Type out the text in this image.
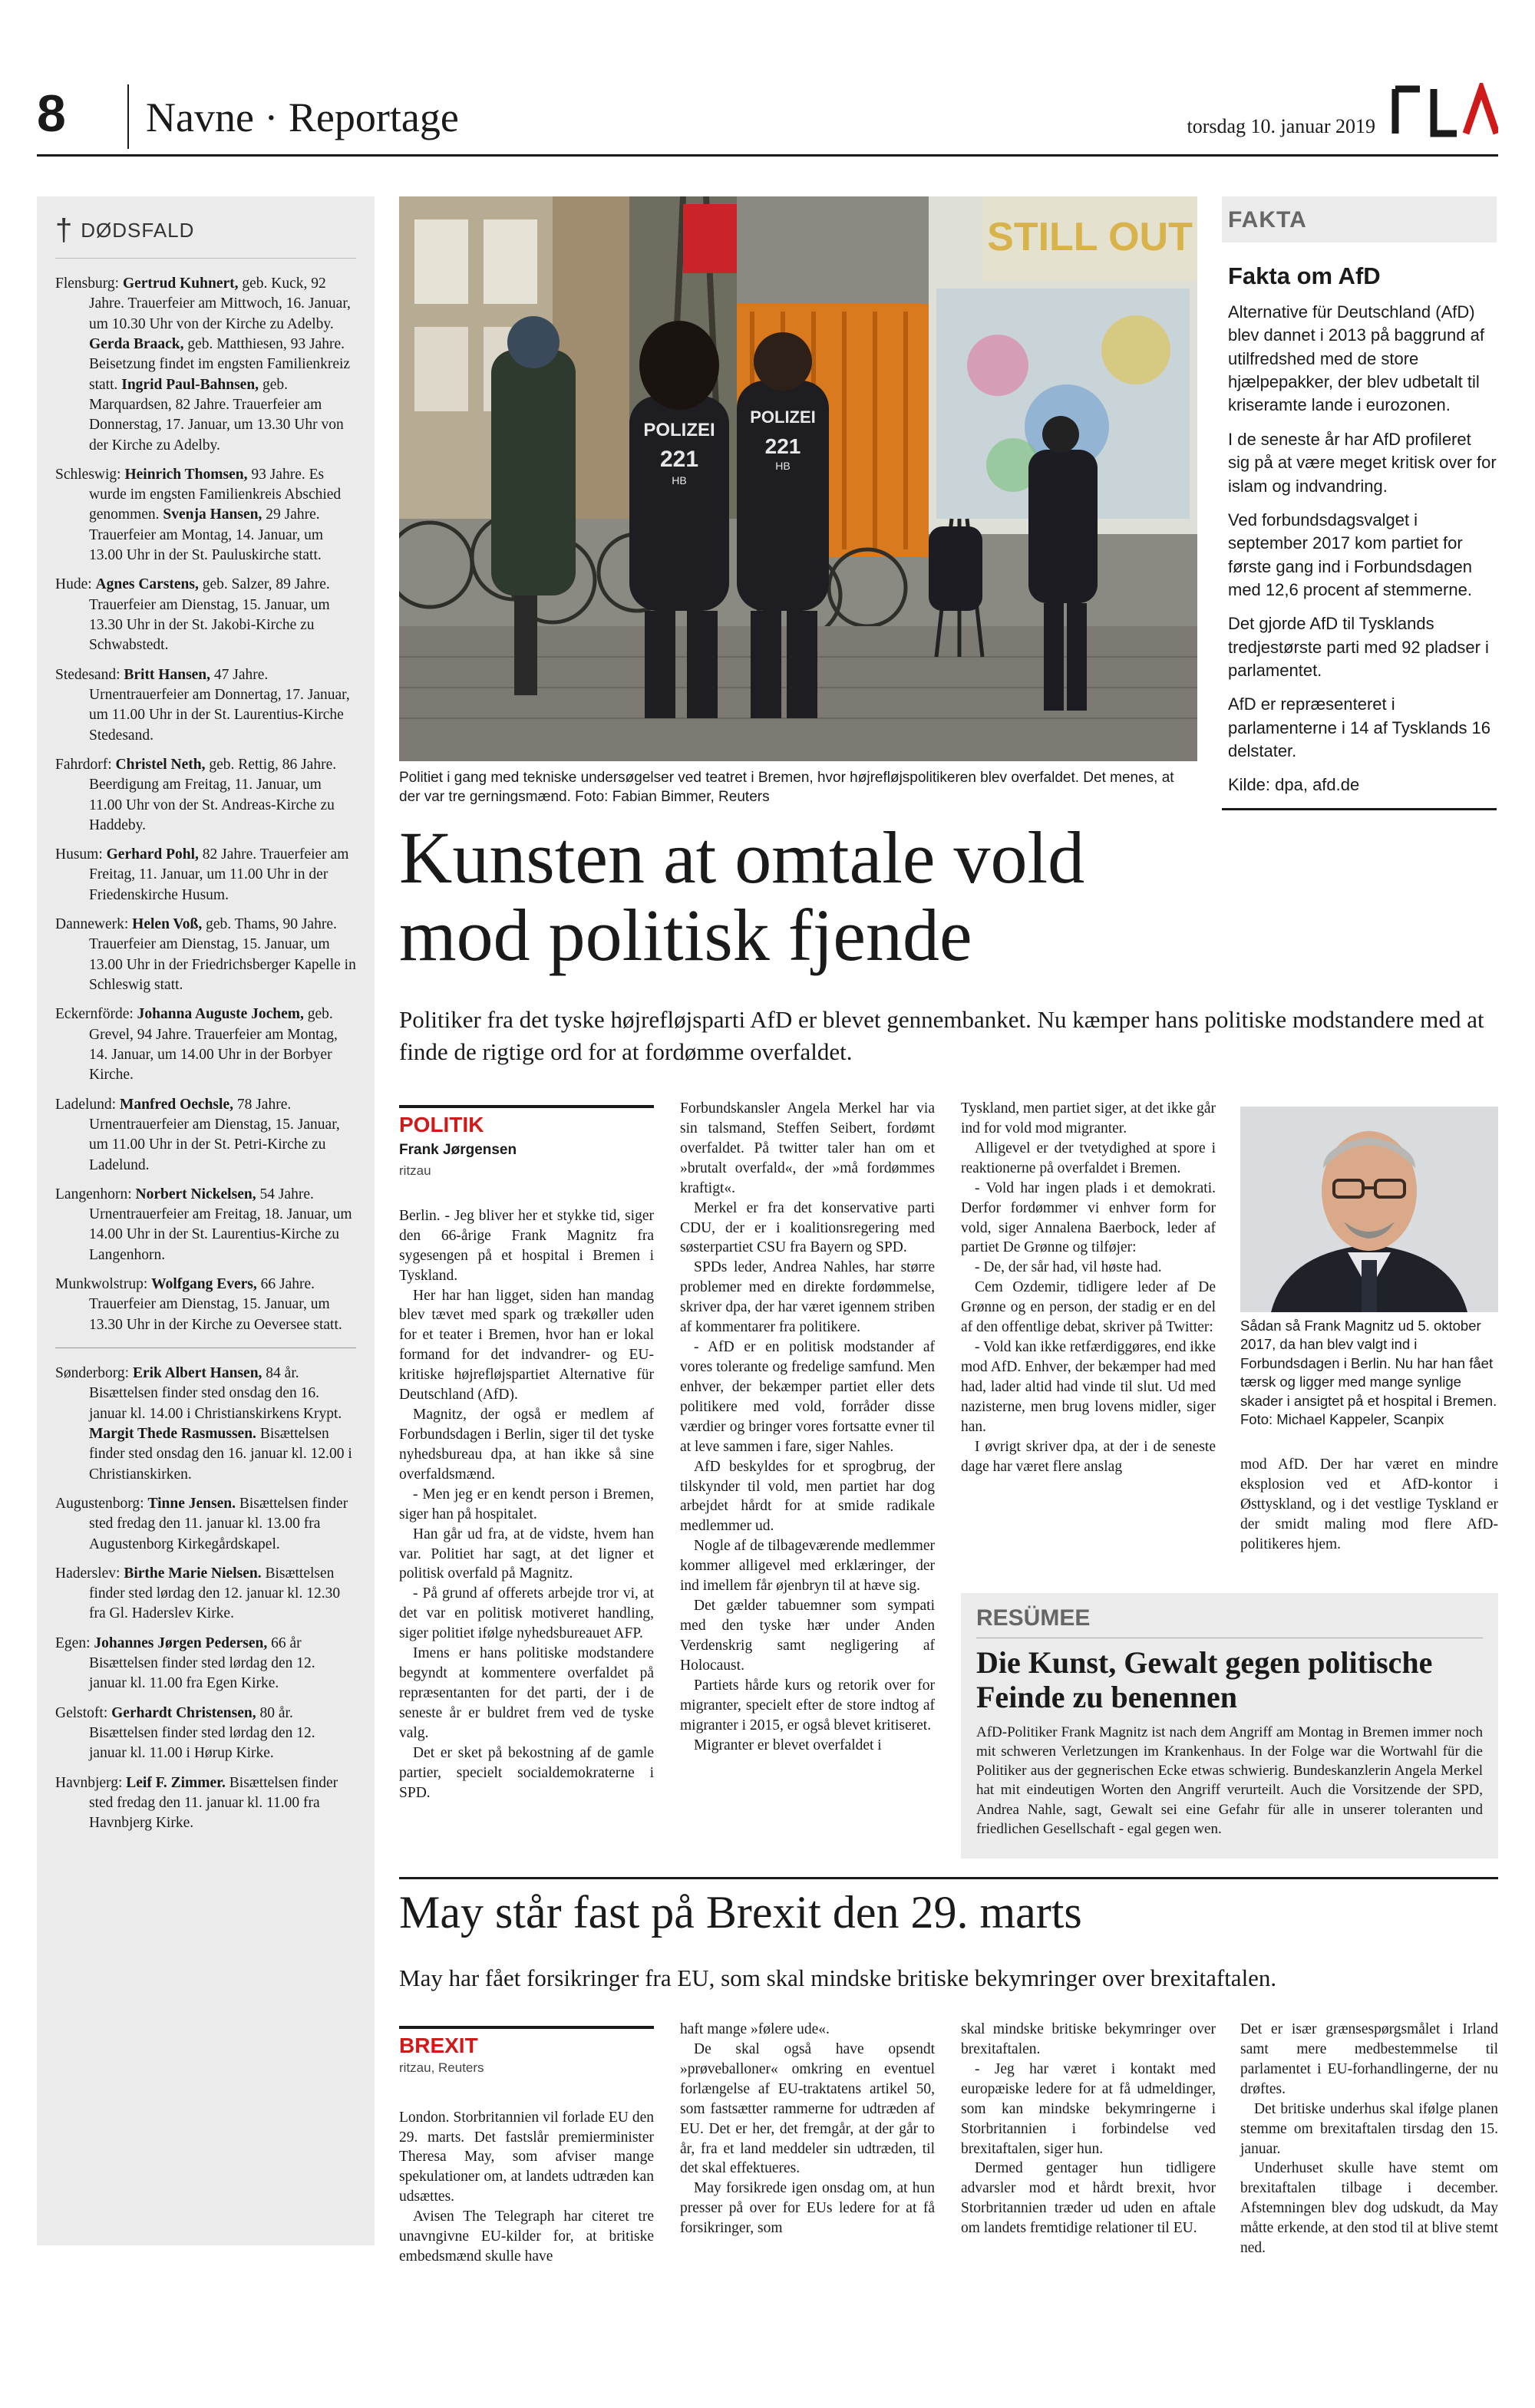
8 Navne · Reportage	torsdag 10. januar 2019
† DØDSFALD
Flensburg: Gertrud Kuhnert, geb. Kuck, 92 Jahre. Trauerfeier am Mittwoch, 16. Januar, um 10.30 Uhr von der Kirche zu Adelby. Gerda Braack, geb. Matthiesen, 93 Jahre. Beisetzung findet im engsten Familienkreiz statt. Ingrid Paul-Bahnsen, geb. Marquardsen, 82 Jahre. Trauerfeier am Donnerstag, 17. Januar, um 13.30 Uhr von der Kirche zu Adelby.
Schleswig: Heinrich Thomsen, 93 Jahre. Es wurde im engsten Familienkreis Abschied genommen. Svenja Hansen, 29 Jahre. Trauerfeier am Montag, 14. Januar, um 13.00 Uhr in der St. Pauluskirche statt.
Hude: Agnes Carstens, geb. Salzer, 89 Jahre. Trauerfeier am Dienstag, 15. Januar, um 13.30 Uhr in der St. Jakobi-Kirche zu Schwabstedt.
Stedesand: Britt Hansen, 47 Jahre. Urnentrauerfeier am Donnertag, 17. Januar, um 11.00 Uhr in der St. Laurentius-Kirche Stedesand.
Fahrdorf: Christel Neth, geb. Rettig, 86 Jahre. Beerdigung am Freitag, 11. Januar, um 11.00 Uhr von der St. Andreas-Kirche zu Haddeby.
Husum: Gerhard Pohl, 82 Jahre. Trauerfeier am Freitag, 11. Januar, um 11.00 Uhr in der Friedenskirche Husum.
Dannewerk: Helen Voß, geb. Thams, 90 Jahre. Trauerfeier am Dienstag, 15. Januar, um 13.00 Uhr in der Friedrichsberger Kapelle in Schleswig statt.
Eckernförde: Johanna Auguste Jochem, geb. Grevel, 94 Jahre. Trauerfeier am Montag, 14. Januar, um 14.00 Uhr in der Borbyer Kirche.
Ladelund: Manfred Oechsle, 78 Jahre. Urnentrauerfeier am Dienstag, 15. Januar, um 11.00 Uhr in der St. Petri-Kirche zu Ladelund.
Langenhorn: Norbert Nickelsen, 54 Jahre. Urnentrauerfeier am Freitag, 18. Januar, um 14.00 Uhr in der St. Laurentius-Kirche zu Langenhorn.
Munkwolstrup: Wolfgang Evers, 66 Jahre. Trauerfeier am Dienstag, 15. Januar, um 13.30 Uhr in der Kirche zu Oeversee statt.
Sønderborg: Erik Albert Hansen, 84 år. Bisættelsen finder sted onsdag den 16. januar kl. 14.00 i Christianskirkens Krypt. Margit Thede Rasmussen. Bisættelsen finder sted onsdag den 16. januar kl. 12.00 i Christianskirken.
Augustenborg: Tinne Jensen. Bisættelsen finder sted fredag den 11. januar kl. 13.00 fra Augustenborg Kirkegårdskapel.
Haderslev: Birthe Marie Nielsen. Bisættelsen finder sted lørdag den 12. januar kl. 12.30 fra Gl. Haderslev Kirke.
Egen: Johannes Jørgen Pedersen, 66 år Bisættelsen finder sted lørdag den 12. januar kl. 11.00 fra Egen Kirke.
Gelstoft: Gerhardt Christensen, 80 år. Bisættelsen finder sted lørdag den 12. januar kl. 11.00 i Hørup Kirke.
Havnbjerg: Leif F. Zimmer. Bisættelsen finder sted fredag den 11. januar kl. 11.00 fra Havnbjerg Kirke.
STILL OUT
POLIZEI
221
HB
POLIZEI
221
HB
Politiet i gang med tekniske undersøgelser ved teatret i Bremen, hvor højrefløjspolitikeren blev overfaldet. Det menes, at der var tre gerningsmænd. Foto: Fabian Bimmer, Reuters
FAKTA
Fakta om AfD
Alternative für Deutschland (AfD) blev dannet i 2013 på baggrund af utilfredshed med de store hjælpepakker, der blev udbetalt til kriseramte lande i eurozonen.
I de seneste år har AfD profileret sig på at være meget kritisk over for islam og indvandring.
Ved forbundsdagsvalget i september 2017 kom partiet for første gang ind i Forbundsdagen med 12,6 procent af stemmerne.
Det gjorde AfD til Tysklands tredjestørste parti med 92 pladser i parlamentet.
AfD er repræsenteret i parlamenterne i 14 af Tysklands 16 delstater.
Kilde: dpa, afd.de
Kunsten at omtale vold
mod politisk fjende
Politiker fra det tyske højrefløjsparti AfD er blevet gennembanket. Nu kæmper hans politiske modstandere med at finde de rigtige ord for at fordømme overfaldet.
POLITIK
Frank Jørgensen
ritzau

Berlin. - Jeg bliver her et stykke tid, siger den 66-årige Frank Magnitz fra sygesengen på et hospital i Bremen i Tyskland.

Her har han ligget, siden han mandag blev tævet med spark og trækøller uden for et teater i Bremen, hvor han er lokal formand for det indvandrer- og EU-kritiske højrefløjspartiet Alternative für Deutschland (AfD).

Magnitz, der også er medlem af Forbundsdagen i Berlin, siger til det tyske nyhedsbureau dpa, at han ikke så sine overfaldsmænd.

- Men jeg er en kendt person i Bremen, siger han på hospitalet.

Han går ud fra, at de vidste, hvem han var. Politiet har sagt, at det ligner et politisk overfald på Magnitz.

- På grund af offerets arbejde tror vi, at det var en politisk motiveret handling, siger politiet ifølge nyhedsbureauet AFP.

Imens er hans politiske modstandere begyndt at kommentere overfaldet på repræsentanten for det parti, der i de seneste år er buldret frem ved de tyske valg.

Det er sket på bekostning af de gamle partier, specielt socialdemokraterne i SPD.

Forbundskansler Angela Merkel har via sin talsmand, Steffen Seibert, fordømt overfaldet. På twitter taler han om et »brutalt overfald«, der »må fordømmes kraftigt«.

Merkel er fra det konservative parti CDU, der er i koalitionsregering med søsterpartiet CSU fra Bayern og SPD.

SPDs leder, Andrea Nahles, har større problemer med en direkte fordømmelse, skriver dpa, der har været igennem striben af kommentarer fra politikere.

- AfD er en politisk modstander af vores tolerante og fredelige samfund. Men enhver, der bekæmper partiet eller dets politikere med vold, forråder disse værdier og bringer vores fortsatte evner til at leve sammen i fare, siger Nahles.

AfD beskyldes for et sprogbrug, der tilskynder til vold, men partiet har dog arbejdet hårdt for at smide radikale medlemmer ud.

Nogle af de tilbageværende medlemmer kommer alligevel med erklæringer, der ind imellem får øjenbryn til at hæve sig.

Det gælder tabuemner som sympati med den tyske hær under Anden Verdenskrig samt negligering af Holocaust.

Partiets hårde kurs og retorik over for migranter, specielt efter de store indtog af migranter i 2015, er også blevet kritiseret.

Migranter er blevet overfaldet i

Tyskland, men partiet siger, at det ikke går ind for vold mod migranter.

Alligevel er der tvetydighed at spore i reaktionerne på overfaldet i Bremen.

- Vold har ingen plads i et demokrati. Derfor fordømmer vi enhver form for vold, siger Annalena Baerbock, leder af partiet De Grønne og tilføjer:

- De, der sår had, vil høste had.

Cem Ozdemir, tidligere leder af De Grønne og en person, der stadig er en del af den offentlige debat, skriver på Twitter:

- Vold kan ikke retfærdiggøres, end ikke mod AfD. Enhver, der bekæmper had med had, lader altid had vinde til slut. Ud med nazisterne, men brug lovens midler, siger han.

I øvrigt skriver dpa, at der i de seneste dage har været flere anslag	mod AfD. Der har været en mindre eksplosion ved et AfD-kontor i Østtyskland, og i det vestlige Tyskland er der smidt maling mod flere AfD-politikeres hjem.

Sådan så Frank Magnitz ud 5. oktober 2017, da han blev valgt ind i Forbundsdagen i Berlin. Nu har han fået tærsk og ligger med mange synlige skader i ansigtet på et hospital i Bremen. Foto: Michael Kappeler, Scanpix
RESÜMEE
Die Kunst, Gewalt gegen politische Feinde zu benennen
AfD-Politiker Frank Magnitz ist nach dem Angriff am Montag in Bremen immer noch mit schweren Verletzungen im Krankenhaus. In der Folge war die Wortwahl für die Politiker aus der gegnerischen Ecke etwas schwierig. Bundeskanzlerin Angela Merkel hat mit eindeutigen Worten den Angriff verurteilt. Auch die Vorsitzende der SPD, Andrea Nahle, sagt, Gewalt sei eine Gefahr für alle in unserer toleranten und friedlichen Gesellschaft - egal gegen wen.
May står fast på Brexit den 29. marts
May har fået forsikringer fra EU, som skal mindske britiske bekymringer over brexitaftalen.
BREXIT
ritzau, Reuters

London. Storbritannien vil forlade EU den 29. marts. Det fastslår premierminister Theresa May, som afviser mange spekulationer om, at landets udtræden kan udsættes.

Avisen The Telegraph har citeret tre unavngivne EU-kilder for, at britiske embedsmænd skulle have

haft mange »følere ude«.

De skal også have opsendt »prøveballoner« omkring en eventuel forlængelse af EU-traktatens artikel 50, som fastsætter rammerne for udtræden af EU. Det er her, det fremgår, at der går to år, fra et land meddeler sin udtræden, til det skal effektueres.

May forsikrede igen onsdag om, at hun presser på over for EUs ledere for at få forsikringer, som

skal mindske britiske bekymringer over brexitaftalen.

- Jeg har været i kontakt med europæiske ledere for at få udmeldinger, som kan mindske bekymringerne i Storbritannien i forbindelse ved brexitaftalen, siger hun.

Dermed gentager hun tidligere advarsler mod et hårdt brexit, hvor Storbritannien træder ud uden en aftale om landets fremtidige relationer til EU.

Det er især grænsespørgsmålet i Irland samt mere medbestemmelse til parlamentet i EU-forhandlingerne, der nu drøftes.

Det britiske underhus skal ifølge planen stemme om brexitaftalen tirsdag den 15. januar.

Underhuset skulle have stemt om brexitaftalen tilbage i december. Afstemningen blev dog udskudt, da May måtte erkende, at den stod til at blive stemt ned.
